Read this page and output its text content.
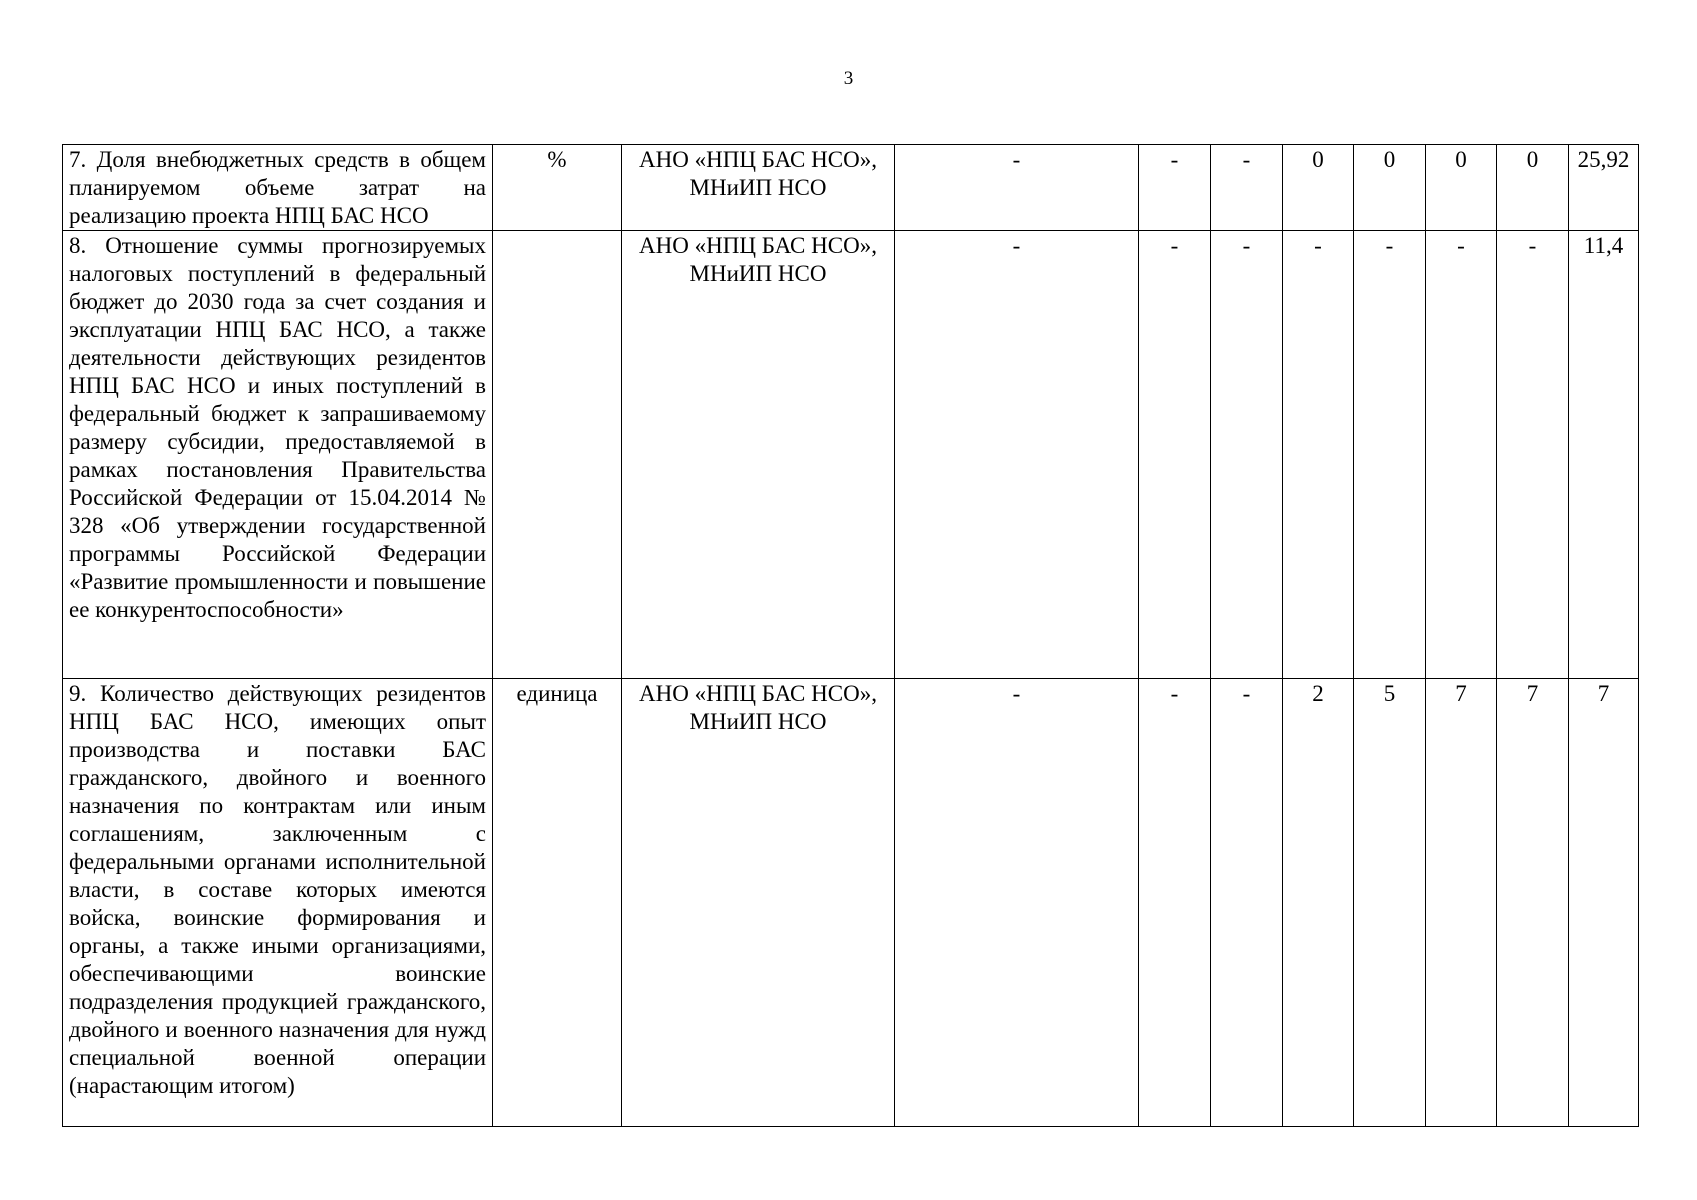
3
7. Доля внебюджетных средств в общем планируемом объеме затрат на реализацию проекта НПЦ БАС НСО	%	АНО «НПЦ БАС НСО», МНиИП НСО	-	-	-	0	0	0	0	25,92
8. Отношение суммы прогнозируемых налоговых поступлений в федеральный бюджет до 2030 года за счет создания и эксплуатации НПЦ БАС НСО, а также деятельности действующих резидентов НПЦ БАС НСО и иных поступлений в федеральный бюджет к запрашиваемому размеру субсидии, предоставляемой в рамках постановления Правительства Российской Федерации от 15.04.2014 № 328 «Об утверждении государственной программы Российской Федерации «Развитие промышленности и повышение ее конкурентоспособности»		АНО «НПЦ БАС НСО», МНиИП НСО	-	-	-	-	-	-	-	11,4
9. Количество действующих резидентов НПЦ БАС НСО, имеющих опыт производства и поставки БАС гражданского, двойного и военного назначения по контрактам или иным соглашениям, заключенным с федеральными органами исполнительной власти, в составе которых имеются войска, воинские формирования и органы, а также иными организациями, обеспечивающими воинские подразделения продукцией гражданского, двойного и военного назначения для нужд специальной военной операции (нарастающим итогом)	единица	АНО «НПЦ БАС НСО», МНиИП НСО	-	-	-	2	5	7	7	7
